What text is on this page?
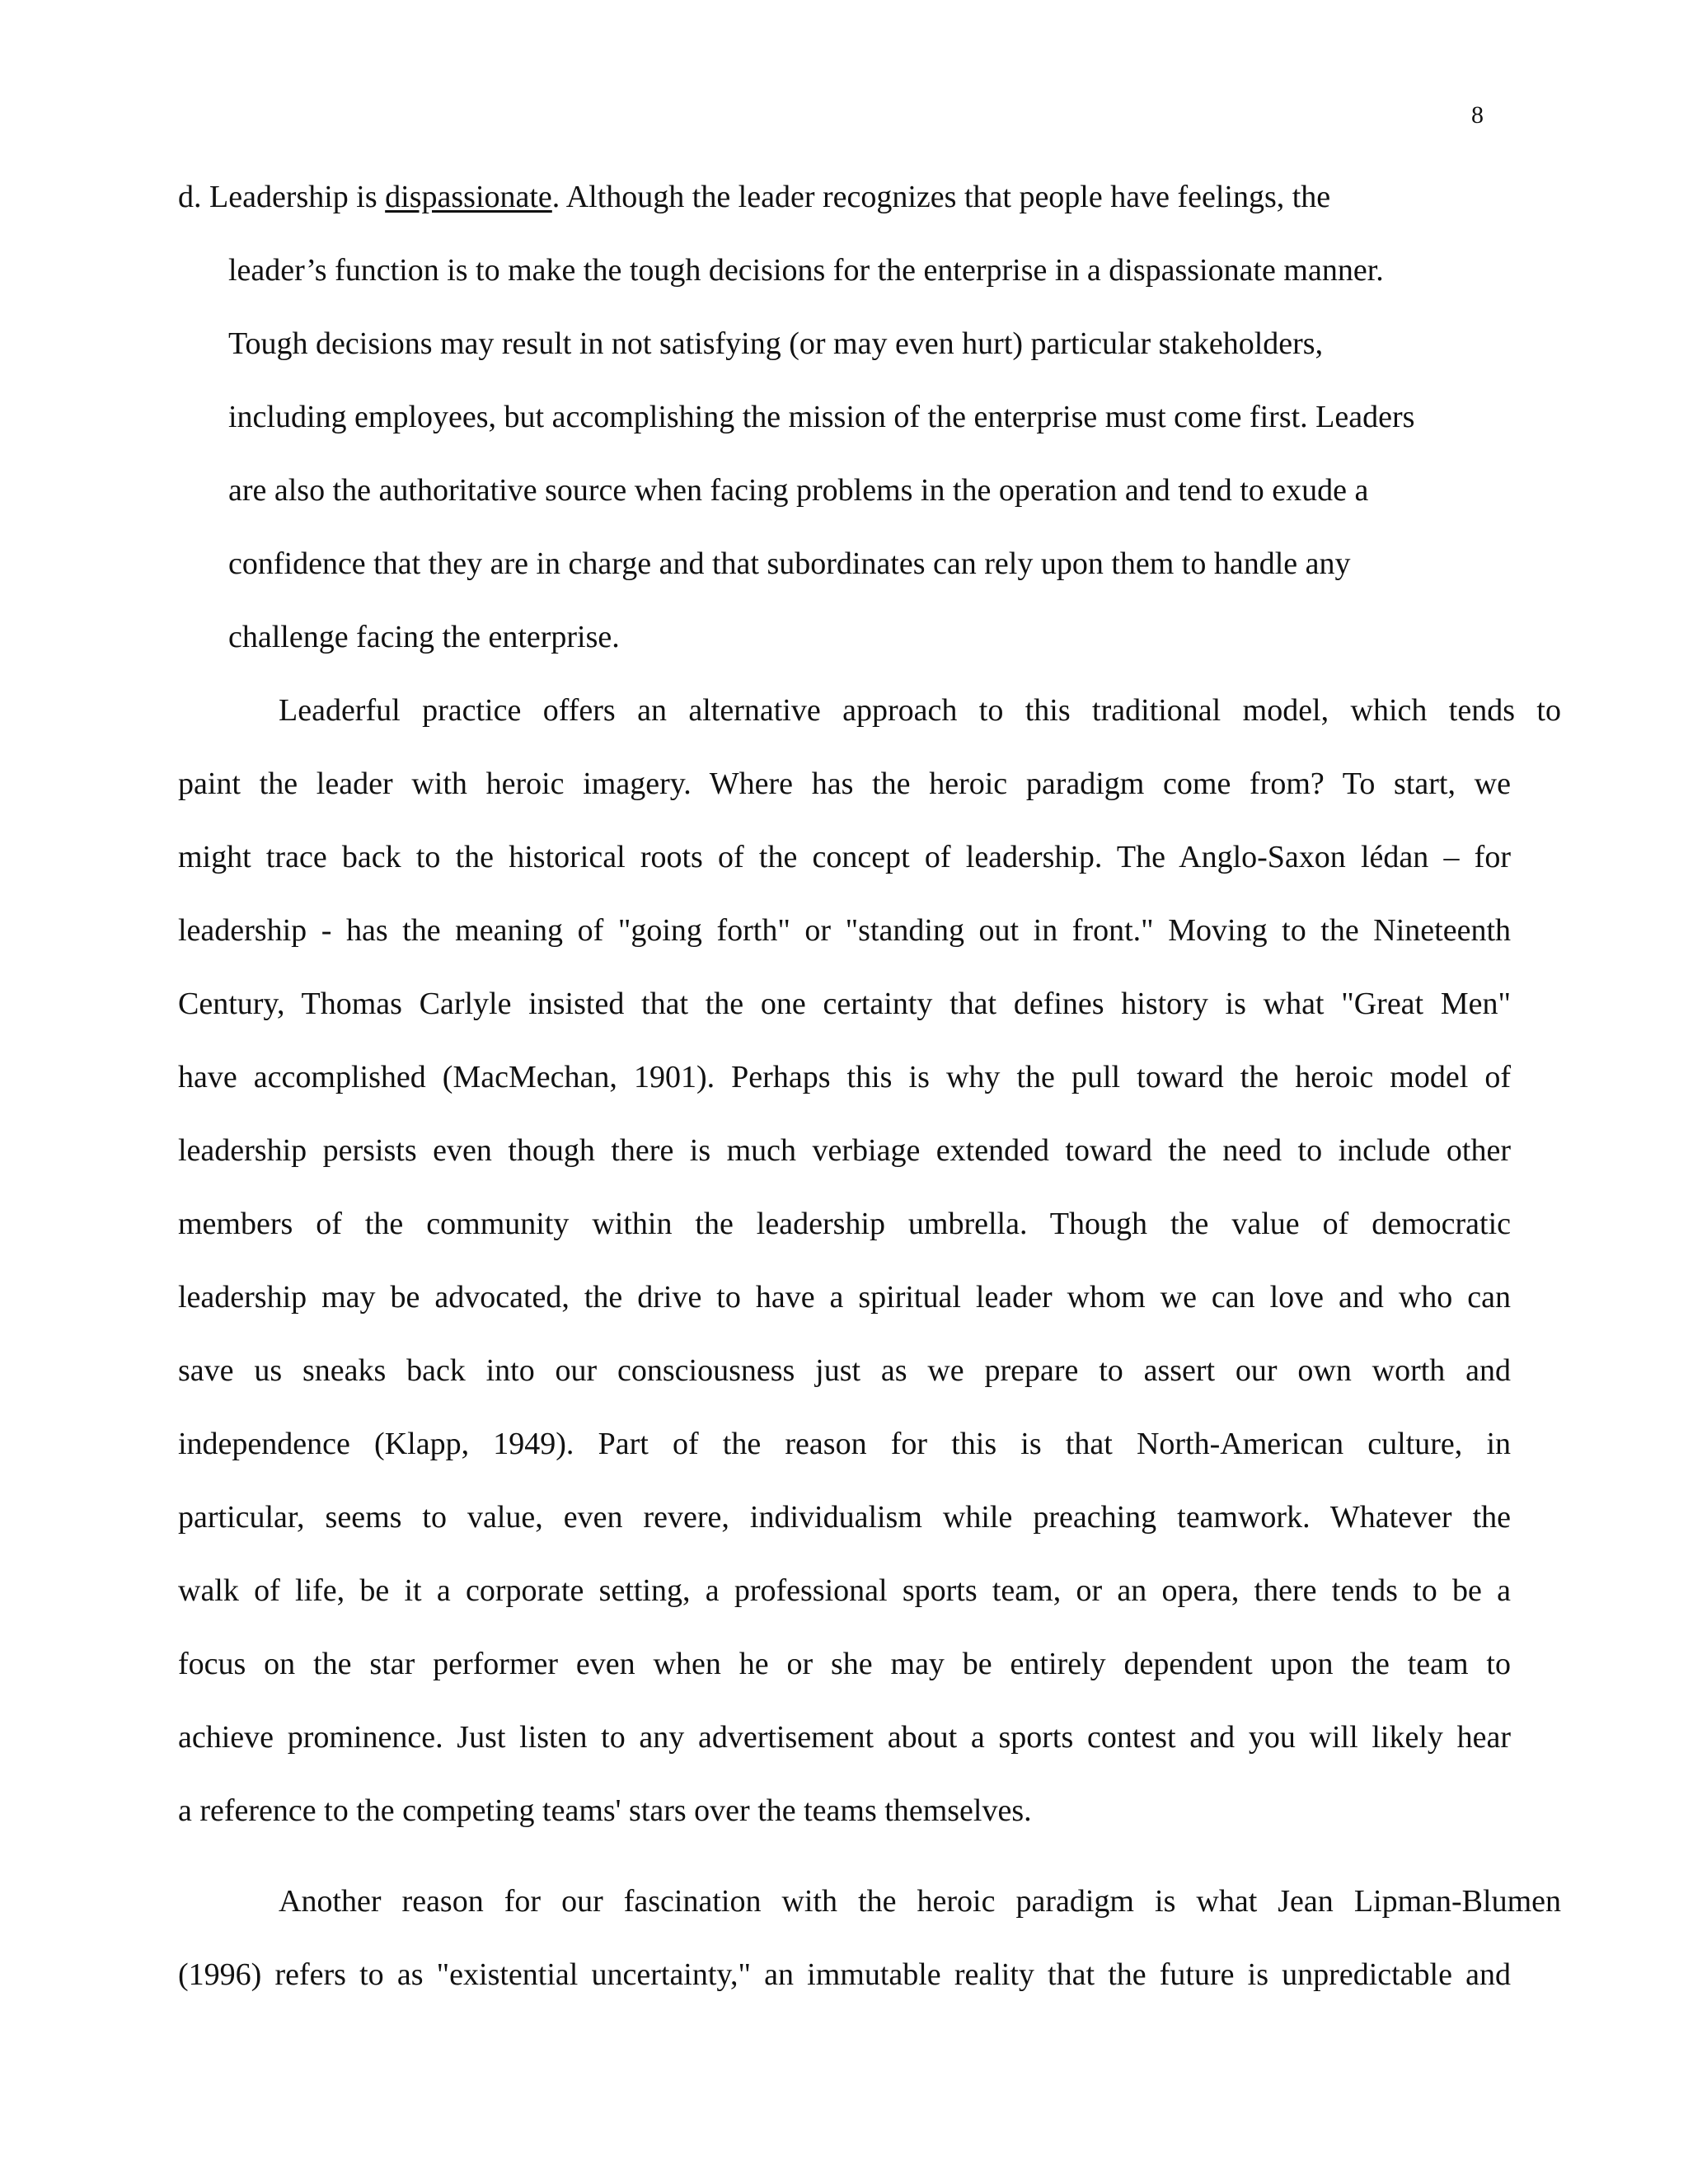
8
d. Leadership is dispassionate. Although the leader recognizes that people have feelings, the
leader’s function is to make the tough decisions for the enterprise in a dispassionate manner.
Tough decisions may result in not satisfying (or may even hurt) particular stakeholders,
including employees, but accomplishing the mission of the enterprise must come first. Leaders
are also the authoritative source when facing problems in the operation and tend to exude a
confidence that they are in charge and that subordinates can rely upon them to handle any
challenge facing the enterprise.
Leaderful practice offers an alternative approach to this traditional model, which tends to
paint the leader with heroic imagery. Where has the heroic paradigm come from? To start, we
might trace back to the historical roots of the concept of leadership. The Anglo-Saxon lédan – for
leadership - has the meaning of "going forth" or "standing out in front." Moving to the Nineteenth
Century, Thomas Carlyle insisted that the one certainty that defines history is what "Great Men"
have accomplished (MacMechan, 1901). Perhaps this is why the pull toward the heroic model of
leadership persists even though there is much verbiage extended toward the need to include other
members of the community within the leadership umbrella. Though the value of democratic
leadership may be advocated, the drive to have a spiritual leader whom we can love and who can
save us sneaks back into our consciousness just as we prepare to assert our own worth and
independence (Klapp, 1949). Part of the reason for this is that North-American culture, in
particular, seems to value, even revere, individualism while preaching teamwork. Whatever the
walk of life, be it a corporate setting, a professional sports team, or an opera, there tends to be a
focus on the star performer even when he or she may be entirely dependent upon the team to
achieve prominence. Just listen to any advertisement about a sports contest and you will likely hear
a reference to the competing teams' stars over the teams themselves.
Another reason for our fascination with the heroic paradigm is what Jean Lipman-Blumen
(1996) refers to as "existential uncertainty," an immutable reality that the future is unpredictable and
